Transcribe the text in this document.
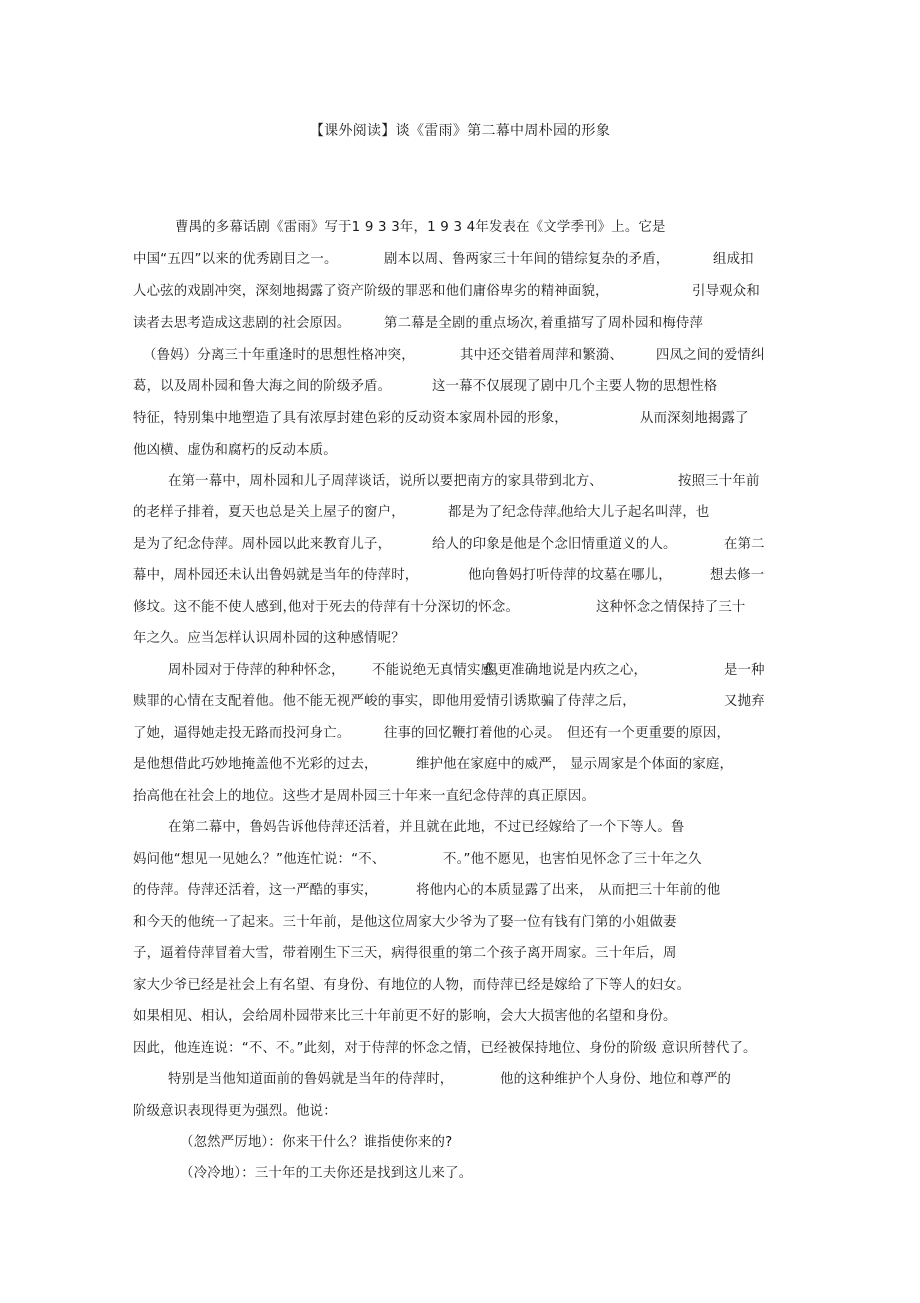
【课外阅读】谈《雷雨》第二幕中周朴园的形象
曹禺的多幕话剧《雷雨》写于1 9 3 3年，1 9 3 4年发表在《文学季刊》上。它是
中国“五四”以来的优秀剧目之一。	剧本以周、鲁两家三十年间的错综复杂的矛盾，	组成扣
人心弦的戏剧冲突，深刻地揭露了资产阶级的罪恶和他们庸俗卑劣的精神面貌，	引导观众和
读者去思考造成这悲剧的社会原因。	第二幕是全剧的重点场次，
着重描写了周朴园和梅侍萍
（鲁妈）分离三十年重逢时的思想性格冲突，	其中还交错着周萍和繁漪、 四凤之间的爱情纠
葛，以及周朴园和鲁大海之间的阶级矛盾。	这一幕不仅展现了剧中几个主要人物的思想性格
特征，特别集中地塑造了具有浓厚封建色彩的反动资本家周朴园的形象，	从而深刻地揭露了
他凶横、虚伪和腐朽的反动本质。
在第一幕中，周朴园和儿子周萍谈话，说所以要把南方的家具带到北方、	按照三十年前
的老样子排着，夏天也总是关上屋子的窗户，	都是为了纪念侍萍。
他给大儿子起名叫萍，也
是为了纪念侍萍。周朴园以此来教育儿子，	给人的印象是他是个念旧情重道义的人。	在第二
幕中，周朴园还未认出鲁妈就是当年的侍萍时，	他向鲁妈打听侍萍的坟墓在哪儿，	想去修一
修坟。这不能不使人感到，
他对于死去的侍萍有十分深切的怀念。	这种怀念之情保持了三十
年之久。应当怎样认识周朴园的这种感情呢？
周朴园对于侍萍的种种怀念， 不能说绝无真情实感，
但更准确地说是内疚之心，	是一种
赎罪的心情在支配着他。他不能无视严峻的事实，即他用爱情引诱欺骗了侍萍之后，	又抛弃
了她，逼得她走投无路而投河身亡。	往事的回忆鞭打着他的心灵。 但还有一个更重要的原因，
是他想借此巧妙地掩盖他不光彩的过去，	维护他在家庭中的威严， 显示周家是个体面的家庭，
抬高他在社会上的地位。这些才是周朴园三十年来一直纪念侍萍的真正原因。
在第二幕中，鲁妈告诉他侍萍还活着，并且就在此地，不过已经嫁给了一个下等人。鲁
妈问他“想见一见她么？”他连忙说：“不、	不。”他不愿见，也害怕见怀念了三十年之久
的侍萍。侍萍还活着，这一严酷的事实，	将他内心的本质显露了出来， 从而把三十年前的他
和今天的他统一了起来。三十年前，是他这位周家大少爷为了娶一位有钱有门第的小姐做妻
子，逼着侍萍冒着大雪，带着刚生下三天，病得很重的第二个孩子离开周家。三十年后，周
家大少爷已经是社会上有名望、有身份、有地位的人物，而侍萍已经是嫁给了下等人的妇女。
如果相见、相认，会给周朴园带来比三十年前更不好的影响，会大大损害他的名望和身份。
因此，他连连说：“不、不。”此刻，对于侍萍的怀念之情，已经被保持地位、身份的阶级 意识所替代了。
特别是当他知道面前的鲁妈就是当年的侍萍时，	他的这种维护个人身份、地位和尊严的
阶级意识表现得更为强烈。他说：
（忽然严厉地）：你来干什么？谁指使你来的?
（冷冷地）：三十年的工夫你还是找到这儿来了。
